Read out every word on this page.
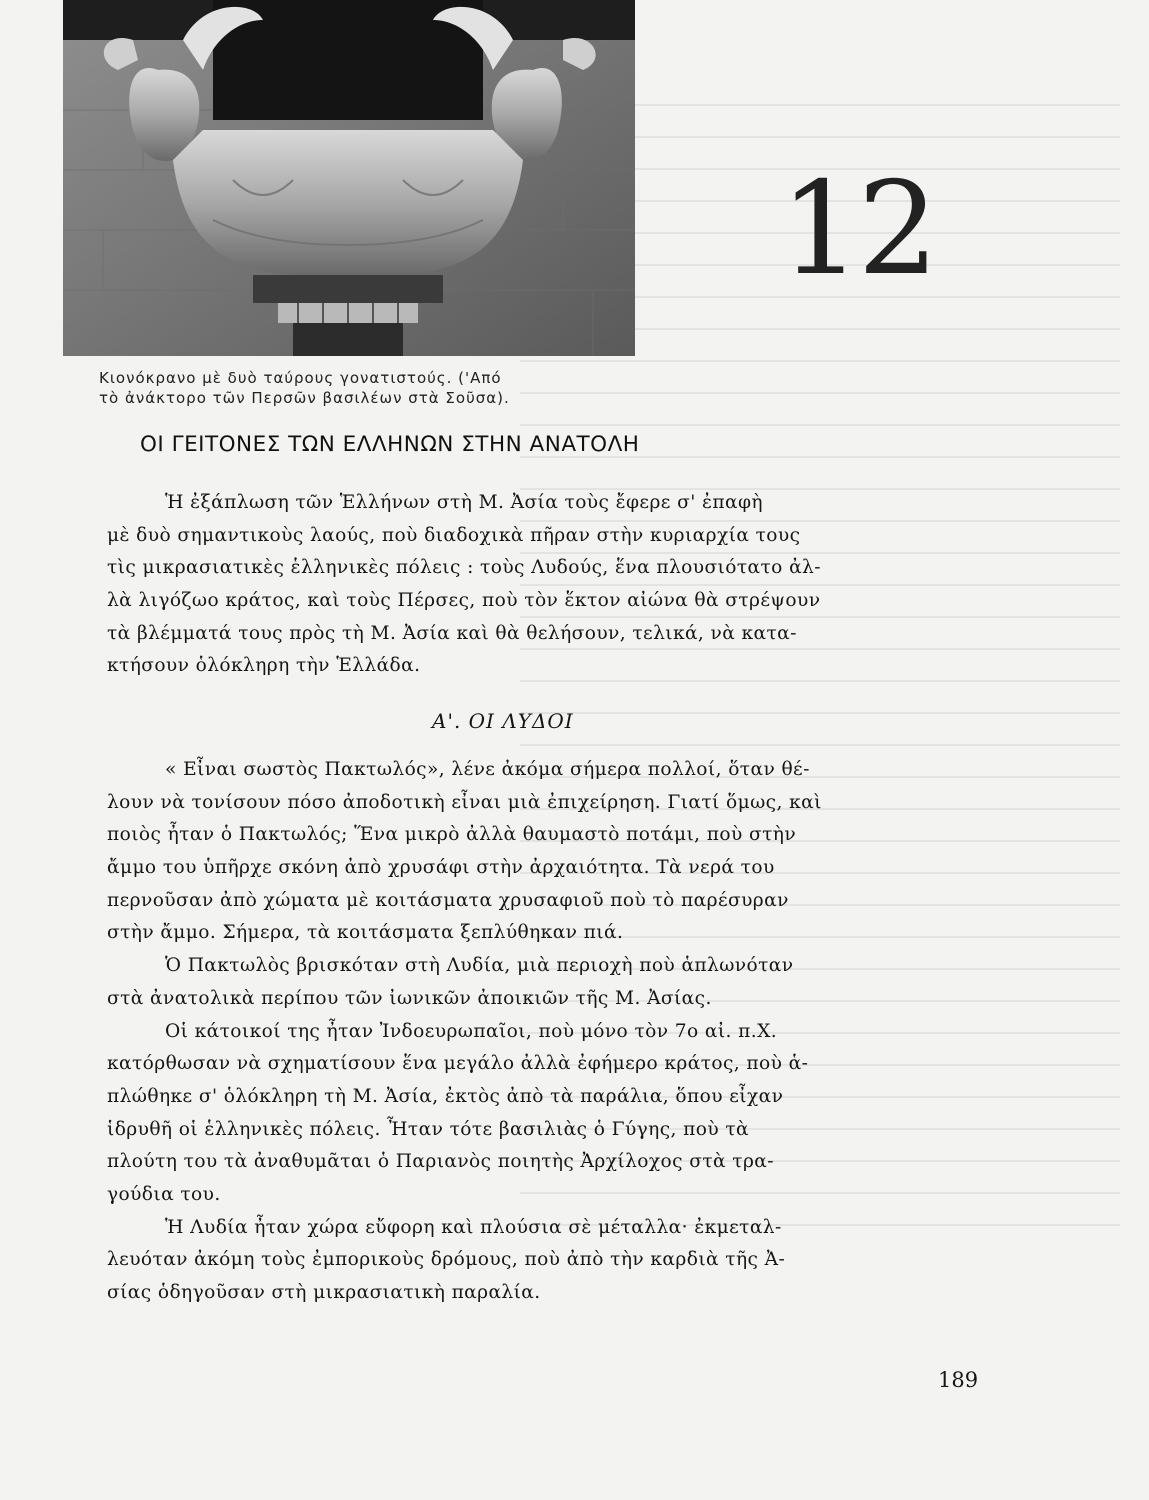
Κιονόκρανο μὲ δυὸ ταύρους γονατιστούς. ('Από
τὸ ἀνάκτορο τῶν Περσῶν βασιλέων στὰ Σοῦσα).
12
ΟΙ ΓΕΙΤΟΝΕΣ ΤΩΝ ΕΛΛΗΝΩΝ ΣΤΗΝ ΑΝΑΤΟΛΗ
Ἡ ἐξάπλωση τῶν Ἑλλήνων στὴ Μ. Ἀσία τοὺς ἔφερε σ' ἐπαφὴ
μὲ δυὸ σημαντικοὺς λαούς, ποὺ διαδοχικὰ πῆραν στὴν κυριαρχία τους
τὶς μικρασιατικὲς ἑλληνικὲς πόλεις : τοὺς Λυδούς, ἕνα πλουσιότατο ἀλ-
λὰ λιγόζωο κράτος, καὶ τοὺς Πέρσες, ποὺ τὸν ἕκτον αἰώνα θὰ στρέψουν
τὰ βλέμματά τους πρὸς τὴ Μ. Ἀσία καὶ θὰ θελήσουν, τελικά, νὰ κατα-
κτήσουν ὁλόκληρη τὴν Ἑλλάδα.
Α'. ΟΙ ΛΥΔΟΙ
« Εἶναι σωστὸς Πακτωλός», λένε ἀκόμα σήμερα πολλοί, ὅταν θέ-
λουν νὰ τονίσουν πόσο ἀποδοτικὴ εἶναι μιὰ ἐπιχείρηση. Γιατί ὅμως, καὶ
ποιὸς ἦταν ὁ Πακτωλός; Ἕνα μικρὸ ἀλλὰ θαυμαστὸ ποτάμι, ποὺ στὴν
ἄμμο του ὑπῆρχε σκόνη ἀπὸ χρυσάφι στὴν ἀρχαιότητα. Τὰ νερά του
περνοῦσαν ἀπὸ χώματα μὲ κοιτάσματα χρυσαφιοῦ ποὺ τὸ παρέσυραν
στὴν ἄμμο. Σήμερα, τὰ κοιτάσματα ξεπλύθηκαν πιά.
Ὁ Πακτωλὸς βρισκόταν στὴ Λυδία, μιὰ περιοχὴ ποὺ ἁπλωνόταν
στὰ ἀνατολικὰ περίπου τῶν ἰωνικῶν ἀποικιῶν τῆς Μ. Ἀσίας.
Οἱ κάτοικοί της ἦταν Ἰνδοευρωπαῖοι, ποὺ μόνο τὸν 7ο αἰ. π.Χ.
κατόρθωσαν νὰ σχηματίσουν ἕνα μεγάλο ἀλλὰ ἐφήμερο κράτος, ποὺ ἁ-
πλώθηκε σ' ὁλόκληρη τὴ Μ. Ἀσία, ἐκτὸς ἀπὸ τὰ παράλια, ὅπου εἶχαν
ἱδρυθῆ οἱ ἑλληνικὲς πόλεις. Ἦταν τότε βασιλιὰς ὁ Γύγης, ποὺ τὰ
πλούτη του τὰ ἀναθυμᾶται ὁ Παριανὸς ποιητὴς Ἀρχίλοχος στὰ τρα-
γούδια του.
Ἡ Λυδία ἦταν χώρα εὔφορη καὶ πλούσια σὲ μέταλλα· ἐκμεταλ-
λευόταν ἀκόμη τοὺς ἐμπορικοὺς δρόμους, ποὺ ἀπὸ τὴν καρδιὰ τῆς Ἀ-
σίας ὁδηγοῦσαν στὴ μικρασιατικὴ παραλία.
189
